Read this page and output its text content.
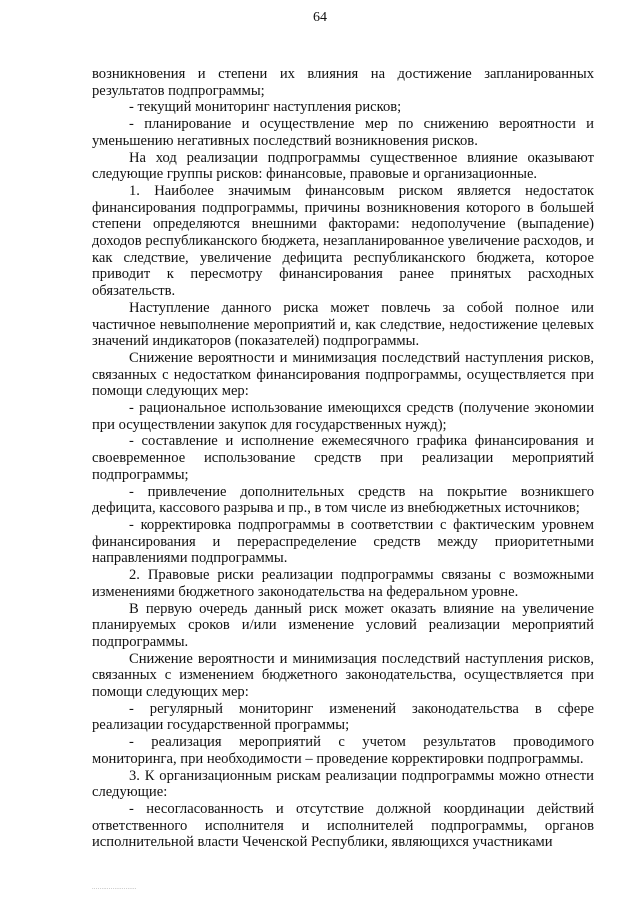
64

возникновения и степени их влияния на достижение запланированных результатов подпрограммы;

- текущий мониторинг наступления рисков;

- планирование и осуществление мер по снижению вероятности и уменьшению негативных последствий возникновения рисков.

На ход реализации подпрограммы существенное влияние оказывают следующие группы рисков: финансовые, правовые и организационные.

1. Наиболее значимым финансовым риском является недостаток финансирования подпрограммы, причины возникновения которого в большей степени определяются внешними факторами: недополучение (выпадение) доходов республиканского бюджета, незапланированное увеличение расходов, и как следствие, увеличение дефицита республиканского бюджета, которое приводит к пересмотру финансирования ранее принятых расходных обязательств.

Наступление данного риска может повлечь за собой полное или частичное невыполнение мероприятий и, как следствие, недостижение целевых значений индикаторов (показателей) подпрограммы.

Снижение вероятности и минимизация последствий наступления рисков, связанных с недостатком финансирования подпрограммы, осуществляется при помощи следующих мер:

- рациональное использование имеющихся средств (получение экономии при осуществлении закупок для государственных нужд);

- составление и исполнение ежемесячного графика финансирования и своевременное использование средств при реализации мероприятий подпрограммы;

- привлечение дополнительных средств на покрытие возникшего дефицита, кассового разрыва и пр., в том числе из внебюджетных источников;

- корректировка подпрограммы в соответствии с фактическим уровнем финансирования и перераспределение средств между приоритетными направлениями подпрограммы.

2. Правовые риски реализации подпрограммы связаны с возможными изменениями бюджетного законодательства на федеральном уровне.

В первую очередь данный риск может оказать влияние на увеличение планируемых сроков и/или изменение условий реализации мероприятий подпрограммы.

Снижение вероятности и минимизация последствий наступления рисков, связанных с изменением бюджетного законодательства, осуществляется при помощи следующих мер:

- регулярный мониторинг изменений законодательства в сфере реализации государственной программы;

- реализация мероприятий с учетом результатов проводимого мониторинга, при необходимости – проведение корректировки подпрограммы.

3. К организационным рискам реализации подпрограммы можно отнести следующие:

- несогласованность и отсутствие должной координации действий ответственного исполнителя и исполнителей подпрограммы, органов исполнительной власти Чеченской Республики, являющихся участниками

························
